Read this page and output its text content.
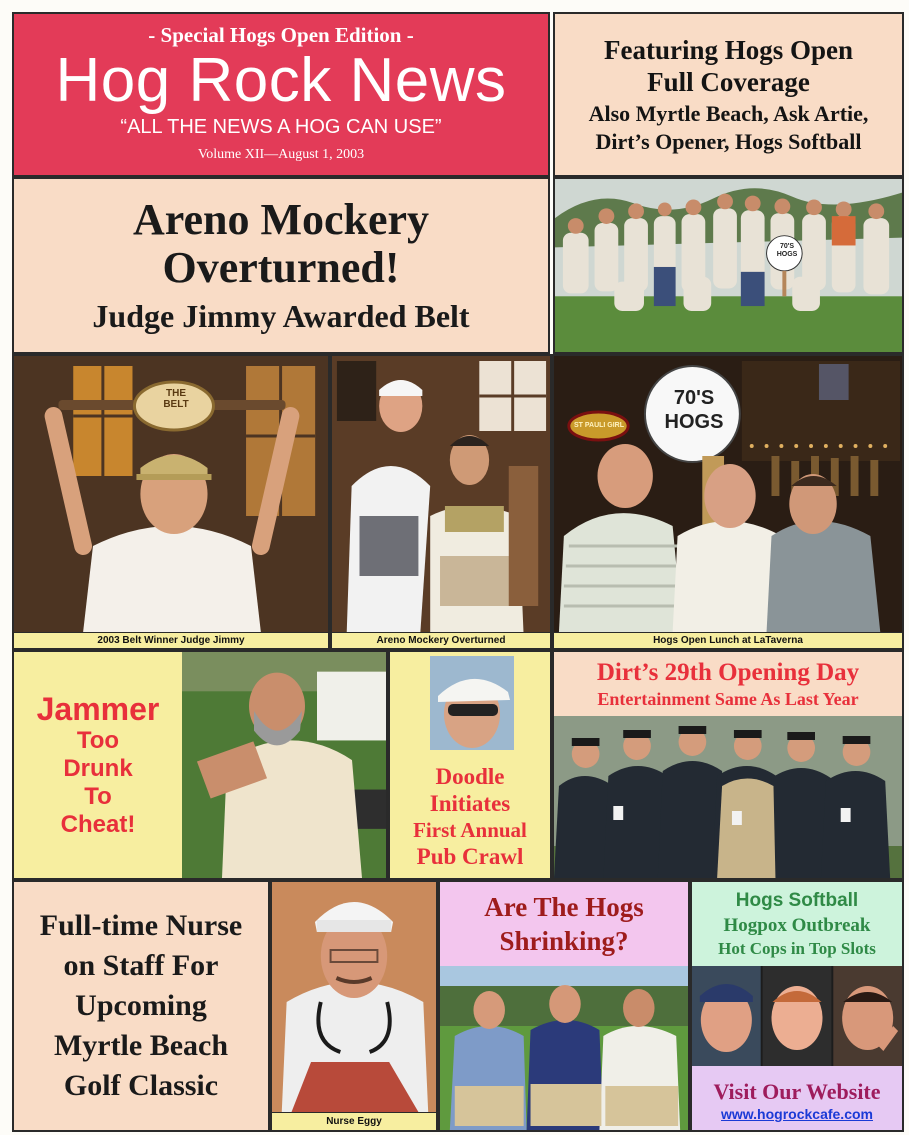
- Special Hogs Open Edition -
Hog Rock News
“ALL THE NEWS A HOG CAN USE”
Volume XII—August 1, 2003
Featuring Hogs Open
Full Coverage
Also Myrtle Beach, Ask Artie,
Dirt’s Opener, Hogs Softball
Areno Mockery
Overturned!
Judge Jimmy Awarded Belt
70'S
HOGS
THE
BELT
2003 Belt Winner Judge Jimmy	Areno Mockery Overturned
70'S
HOGS
ST PAULI GIRL
Hogs Open Lunch at LaTaverna
Jammer
Too
Drunk
To
Cheat!
Doodle
Initiates
First Annual
Pub Crawl
Dirt’s 29th Opening Day
Entertainment Same As Last Year
Full-time Nurse
on Staff For
Upcoming
Myrtle Beach
Golf Classic
Nurse Eggy
Are The Hogs
Shrinking?
Hogs Softball
Hogpox Outbreak
Hot Cops in Top Slots
Visit Our Website
www.hogrockcafe.com
